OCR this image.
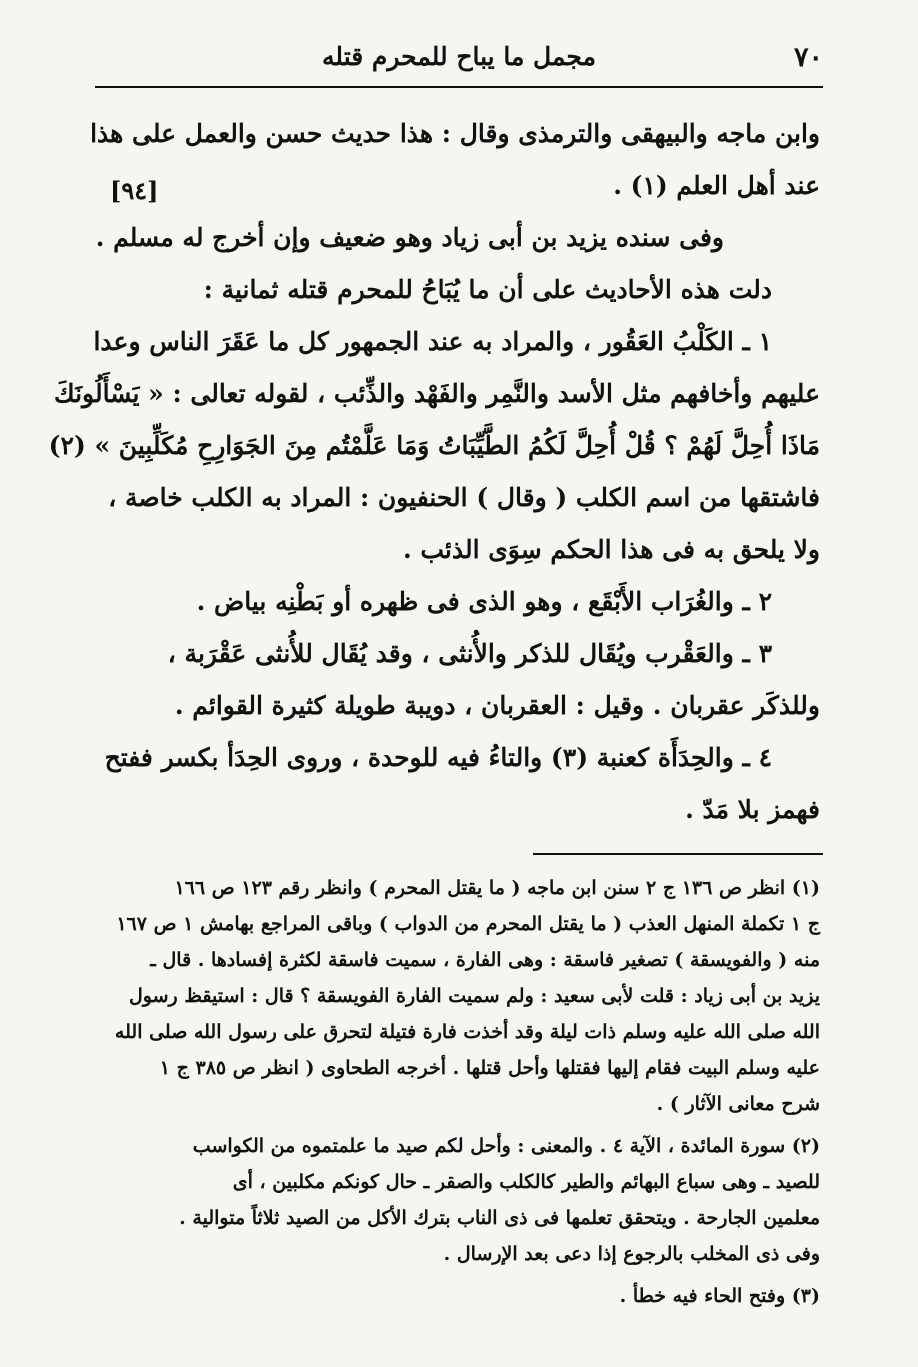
٧٠
مجمل ما يباح للمحرم قتله
وابن ماجه والبيهقى والترمذى وقال : هذا حديث حسن والعمل على هذا
عند أهل العلم (١) .
وفى سنده يزيد بن أبى زياد وهو ضعيف وإن أخرج له مسلم .
دلت هذه الأحاديث على أن ما يُبَاحُ للمحرم قتله ثمانية :
١ ـ الكَلْبُ العَقُور ، والمراد به عند الجمهور كل ما عَقَرَ الناس وعدا
عليهم وأخافهم مثل الأسد والنَّمِر والفَهْد والذِّئب ، لقوله تعالى : « يَسْأَلُونَكَ
مَاذَا أُحِلَّ لَهُمْ ؟ قُلْ أُحِلَّ لَكُمُ الطَّيِّبَاتُ وَمَا عَلَّمْتُم مِنَ الجَوَارِحِ مُكَلِّبِينَ » (٢)
فاشتقها من اسم الكلب ( وقال ) الحنفيون : المراد به الكلب خاصة ،
ولا يلحق به فى هذا الحكم سِوَى الذئب .
٢ ـ والغُرَاب الأَبْقَع ، وهو الذى فى ظهره أو بَطْنِه بياض .
٣ ـ والعَقْرب ويُقَال للذكر والأُنثى ، وقد يُقَال للأُنثى عَقْرَبة ،
وللذكَر عقربان . وقيل : العقربان ، دويبة طويلة كثيرة القوائم .
٤ ـ والحِدَأَة كعنبة (٣) والتاءُ فيه للوحدة ، وروى الحِدَأ بكسر ففتح
فهمز بلا مَدّ .
[٩٤]

(١) انظر ص ١٣٦ ج ٢ سنن ابن ماجه ( ما يقتل المحرم ) وانظر رقم ١٢٣ ص ١٦٦
ج ١ تكملة المنهل العذب ( ما يقتل المحرم من الدواب ) وباقى المراجع بهامش ١ ص ١٦٧
منه ( والفويسقة ) تصغير فاسقة : وهى الفارة ، سميت فاسقة لكثرة إفسادها . قال ـ
يزيد بن أبى زياد : قلت لأبى سعيد : ولم سميت الفارة الفويسقة ؟ قال : استيقظ رسول
الله صلى الله عليه وسلم ذات ليلة وقد أخذت فارة فتيلة لتحرق على رسول الله صلى الله
عليه وسلم البيت فقام إليها فقتلها وأحل قتلها . أخرجه الطحاوى ( انظر ص ٣٨٥ ج ١
شرح معانى الآثار ) .

(٢) سورة المائدة ، الآية ٤ . والمعنى : وأحل لكم صيد ما علمتموه من الكواسب
للصيد ـ وهى سباع البهائم والطير كالكلب والصقر ـ حال كونكم مكلبين ، أى
معلمين الجارحة . ويتحقق تعلمها فى ذى الناب بترك الأكل من الصيد ثلاثاً متوالية .
وفى ذى المخلب بالرجوع إذا دعى بعد الإرسال .

(٣) وفتح الحاء فيه خطأ .
